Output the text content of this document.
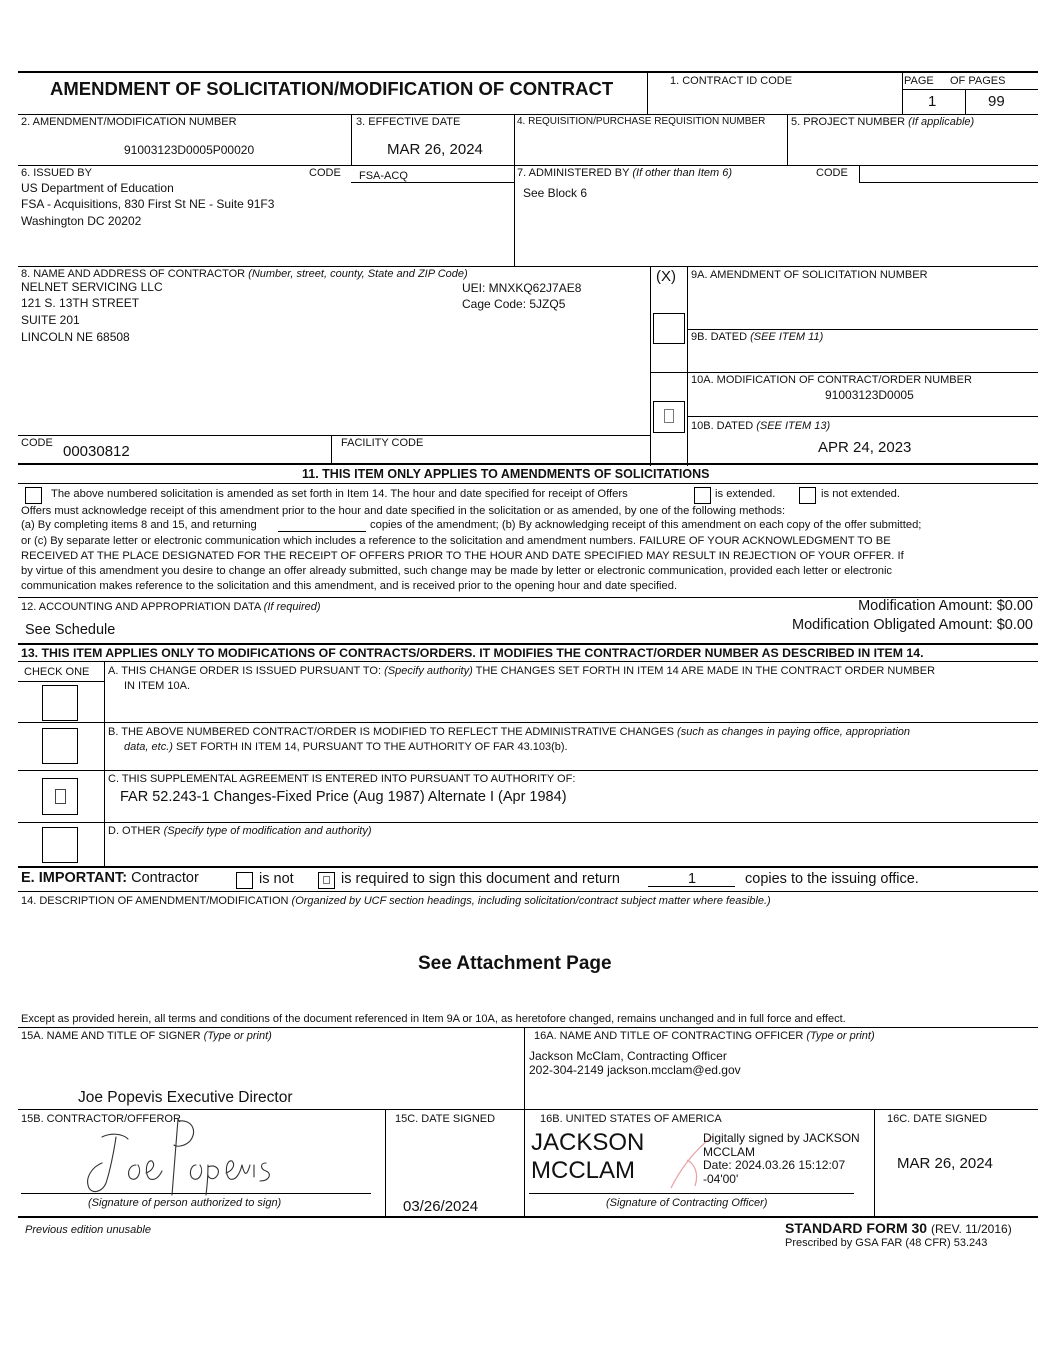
AMENDMENT OF SOLICITATION/MODIFICATION OF CONTRACT	1. CONTRACT ID CODE	PAGE OF PAGES
1	99
2. AMENDMENT/MODIFICATION NUMBER
91003123D0005P00020
3. EFFECTIVE DATE
MAR 26, 2024
4. REQUISITION/PURCHASE REQUISITION NUMBER 5. PROJECT NUMBER (If applicable)
6. ISSUED BY	CODE FSA-ACQ
US Department of Education
FSA - Acquisitions, 830 First St NE - Suite 91F3
Washington DC 20202
7. ADMINISTERED BY (If other than Item 6)	CODE
See Block 6
8. NAME AND ADDRESS OF CONTRACTOR (Number, street, county, State and ZIP Code)
NELNET SERVICING LLC
121 S. 13TH STREET
SUITE 201
LINCOLN NE 68508
UEI: MNXKQ62J7AE8
Cage Code: 5JZQ5
CODE 00030812	FACILITY CODE
(X) 9A. AMENDMENT OF SOLICITATION NUMBER
9B. DATED (SEE ITEM 11)
10A. MODIFICATION OF CONTRACT/ORDER NUMBER
91003123D0005
10B. DATED (SEE ITEM 13)
APR 24, 2023
11. THIS ITEM ONLY APPLIES TO AMENDMENTS OF SOLICITATIONS
The above numbered solicitation is amended as set forth in Item 14. The hour and date specified for receipt of Offers	is extended.	is not extended.
Offers must acknowledge receipt of this amendment prior to the hour and date specified in the solicitation or as amended, by one of the following methods:
(a) By completing items 8 and 15, and returning	copies of the amendment; (b) By acknowledging receipt of this amendment on each copy of the offer submitted;
or (c) By separate letter or electronic communication which includes a reference to the solicitation and amendment numbers. FAILURE OF YOUR ACKNOWLEDGMENT TO BE
RECEIVED AT THE PLACE DESIGNATED FOR THE RECEIPT OF OFFERS PRIOR TO THE HOUR AND DATE SPECIFIED MAY RESULT IN REJECTION OF YOUR OFFER. If
by virtue of this amendment you desire to change an offer already submitted, such change may be made by letter or electronic communication, provided each letter or electronic
communication makes reference to the solicitation and this amendment, and is received prior to the opening hour and date specified.
12. ACCOUNTING AND APPROPRIATION DATA (If required)
See Schedule
Modification Amount: $0.00
Modification Obligated Amount: $0.00
13. THIS ITEM APPLIES ONLY TO MODIFICATIONS OF CONTRACTS/ORDERS. IT MODIFIES THE CONTRACT/ORDER NUMBER AS DESCRIBED IN ITEM 14.
CHECK ONE A. THIS CHANGE ORDER IS ISSUED PURSUANT TO: (Specify authority) THE CHANGES SET FORTH IN ITEM 14 ARE MADE IN THE CONTRACT ORDER NUMBER
IN ITEM 10A.
B. THE ABOVE NUMBERED CONTRACT/ORDER IS MODIFIED TO REFLECT THE ADMINISTRATIVE CHANGES (such as changes in paying office, appropriation
data, etc.) SET FORTH IN ITEM 14, PURSUANT TO THE AUTHORITY OF FAR 43.103(b).
C. THIS SUPPLEMENTAL AGREEMENT IS ENTERED INTO PURSUANT TO AUTHORITY OF:
FAR 52.243-1 Changes-Fixed Price (Aug 1987) Alternate I (Apr 1984)
D. OTHER (Specify type of modification and authority)
E. IMPORTANT: Contractor	is not	is required to sign this document and return	1	copies to the issuing office.
14. DESCRIPTION OF AMENDMENT/MODIFICATION (Organized by UCF section headings, including solicitation/contract subject matter where feasible.)
See Attachment Page
Except as provided herein, all terms and conditions of the document referenced in Item 9A or 10A, as heretofore changed, remains unchanged and in full force and effect.
15A. NAME AND TITLE OF SIGNER (Type or print)
Joe Popevis Executive Director
16A. NAME AND TITLE OF CONTRACTING OFFICER (Type or print)
Jackson McClam, Contracting Officer
202-304-2149 jackson.mcclam@ed.gov
15B. CONTRACTOR/OFFEROR
(Signature of person authorized to sign)
15C. DATE SIGNED
03/26/2024
16B. UNITED STATES OF AMERICA
JACKSON
MCCLAM
Digitally signed by JACKSON
MCCLAM
Date: 2024.03.26 15:12:07
-04'00'
(Signature of Contracting Officer)
16C. DATE SIGNED
MAR 26, 2024
Previous edition unusable	STANDARD FORM 30 (REV. 11/2016)
Prescribed by GSA FAR (48 CFR) 53.243
